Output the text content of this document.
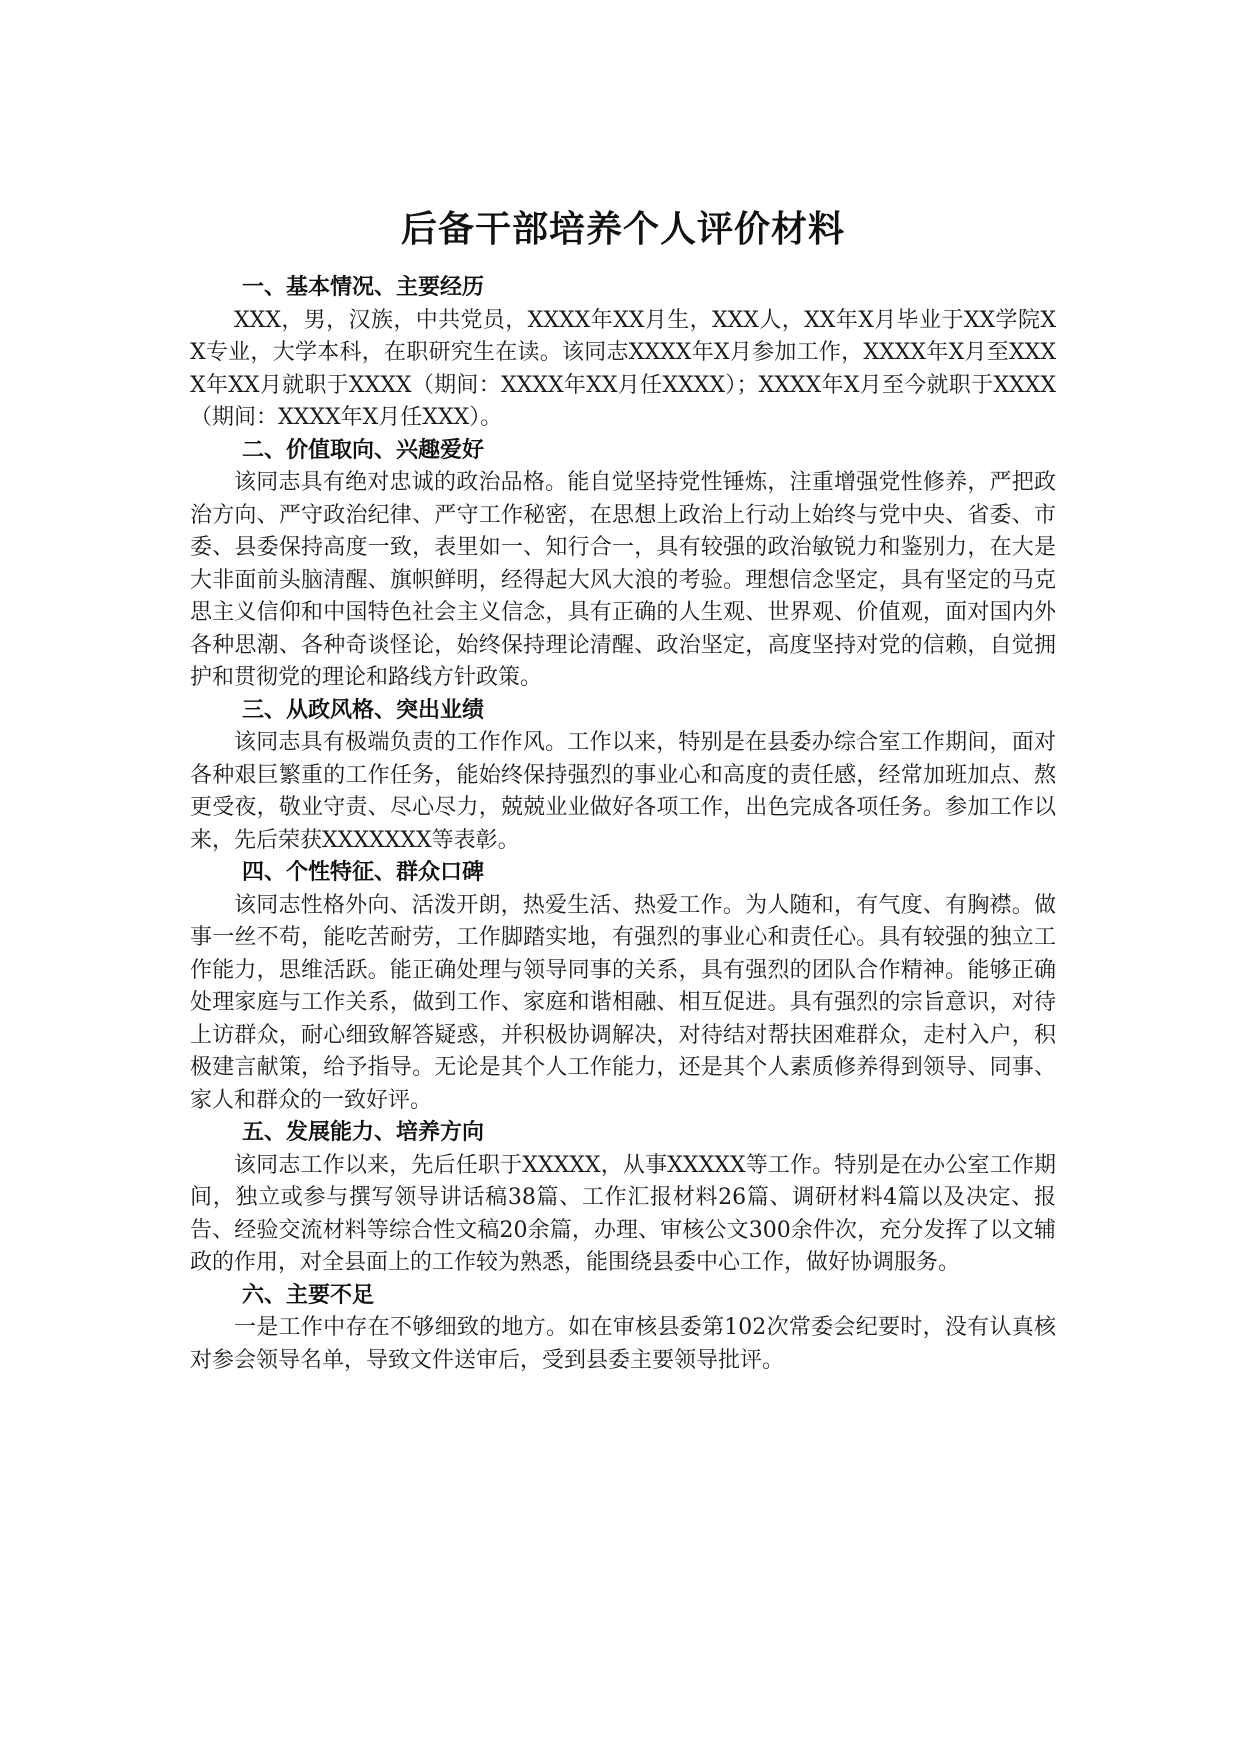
后备干部培养个人评价材料
一、基本情况、主要经历

XXX，男，汉族，中共党员，XXXX年XX月生，XXX人，XX年X月毕业于XX学院XX专业，大学本科，在职研究生在读。该同志XXXX年X月参加工作，XXXX年X月至XXXX年XX月就职于XXXX（期间：XXXX年XX月任XXXX）；XXXX年X月至今就职于XXXX（期间：XXXX年X月任XXX）。

二、价值取向、兴趣爱好

该同志具有绝对忠诚的政治品格。能自觉坚持党性锤炼，注重增强党性修养，严把政治方向、严守政治纪律、严守工作秘密，在思想上政治上行动上始终与党中央、省委、市委、县委保持高度一致，表里如一、知行合一，具有较强的政治敏锐力和鉴别力，在大是大非面前头脑清醒、旗帜鲜明，经得起大风大浪的考验。理想信念坚定，具有坚定的马克思主义信仰和中国特色社会主义信念，具有正确的人生观、世界观、价值观，面对国内外各种思潮、各种奇谈怪论，始终保持理论清醒、政治坚定，高度坚持对党的信赖，自觉拥护和贯彻党的理论和路线方针政策。

三、从政风格、突出业绩

该同志具有极端负责的工作作风。工作以来，特别是在县委办综合室工作期间，面对各种艰巨繁重的工作任务，能始终保持强烈的事业心和高度的责任感，经常加班加点、熬更受夜，敬业守责、尽心尽力，兢兢业业做好各项工作，出色完成各项任务。参加工作以来，先后荣获XXXXXXX等表彰。

四、个性特征、群众口碑

该同志性格外向、活泼开朗，热爱生活、热爱工作。为人随和，有气度、有胸襟。做事一丝不苟，能吃苦耐劳，工作脚踏实地，有强烈的事业心和责任心。具有较强的独立工作能力，思维活跃。能正确处理与领导同事的关系，具有强烈的团队合作精神。能够正确处理家庭与工作关系，做到工作、家庭和谐相融、相互促进。具有强烈的宗旨意识，对待上访群众，耐心细致解答疑惑，并积极协调解决，对待结对帮扶困难群众，走村入户，积极建言献策，给予指导。无论是其个人工作能力，还是其个人素质修养得到领导、同事、家人和群众的一致好评。

五、发展能力、培养方向

该同志工作以来，先后任职于XXXXX，从事XXXXX等工作。特别是在办公室工作期间，独立或参与撰写领导讲话稿38篇、工作汇报材料26篇、调研材料4篇以及决定、报告、经验交流材料等综合性文稿20余篇，办理、审核公文300余件次，充分发挥了以文辅政的作用，对全县面上的工作较为熟悉，能围绕县委中心工作，做好协调服务。

六、主要不足

一是工作中存在不够细致的地方。如在审核县委第102次常委会纪要时，没有认真核对参会领导名单，导致文件送审后，受到县委主要领导批评。
